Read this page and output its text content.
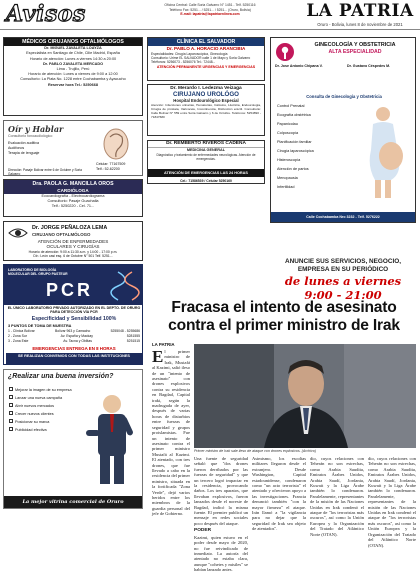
Avisos	Oficina Central: Calle Soria Galvarro N° 1451 - Telf. 5250116
Teléfono Fax: 5251... / 5251... / 5251... (Oruro, Bolivia)
E-mail: lapatria@lapatriaenlinea.com	LA PATRIA
Oruro - Bolivia, lunes 8 de noviembre de 2021
MÉDICOS CIRUJANOS OFTALMÓLOGOS
Dr. MIGUEL ZAVALETA LOAYZA
Especialista en Santiago de Chile, Cilie Madrid, España
Horario de atención: Lunes a viernes 14:30 a 20:00
Dr. PABLO ZAVALETA MERCADO
Lima - Trujillo, Perú
Horario de atención: Lunes a viernes de 9:00 a 12:00
Consultorio: La Plata No. 1228 entre Cochabamba y Ayacucho
Reservar hora Tel.: 5250668
Oír y Hablar
Consultorio fonoaudiológico
Evaluación auditiva
Audífonos
Terapia de lenguaje
Celular: 77167509
Telf.: 52-62200
Dirección: Pasaje Bolívar entre 6 de Octubre y Soria Galvarro
Dra. PAOLA G. MANCILLA OROS
CARDIÓLOGA
Ecocardiografía - Electrocardiograma
Consultorio: Pasaje Guachalla
Telf.: 5250220 - Cel. 71...
Dr. JORGE PEÑALOZA LEMA
CIRUJANO OFTALMÓLOGO
ATENCIÓN DE ENFERMEDADES
OCULARES Y CIRUGÍAS
Horario de atención: 9:00 a 11:30 a.m. y 14:00 - 17:00 p.m.
Dir.: León casi esq. 6 de Octubre N° 501 Telf. 5251...
LABORATORIO DE BIOLOGÍA MOLECULAR DEL GRUPO PASTEUR
PCR
EL ÚNICO LABORATORIO PRIVADO AUTORIZADO EN EL DEPTO. DE ORURO PARA DETECCIÓN VÍA PCR
Especificidad y Sensibilidad 100%
3 PUNTOS DE TOMA DE MUESTRA
1 - Clínica Bolívar	Bolívar 963 y Camacho	5255048 - 5255686
2 - Zona Sur	Av. España y Mackay	5281555
3 - Zona Este	Av. Tacna y Oblitas	5251515
EMERGENCIAS ENTREGA EN 8 HORAS
SE REALIZAN CONVENIOS CON TODAS LAS INSTITUCIONES
¿Realizar una buena inversión?
Mejorar la imagen de su empresa
Lanzar una nueva campaña
Abrir nuevos mercados
Crecer nuevos clientes
Posicionar su marca
Publicidad efectiva
La mejor vitrina comercial de Oruro
CLÍNICA EL SALVADOR
Dr. PABLO A. HORACIO ARANCIBIA
Especialidades: Cirugía Laparoscópica, Ginecología
Consultorio: Urime EL SALVADOR calle 1 de Mayo y Soria Galvarro
Teléfonos: 5256073 - 5256076 Tel.: 72448...
ATENCIÓN PERMANENTE URGENCIAS Y EMERGENCIAS
Dr. Merardo I. Ledezma Veizaga
CIRUJANO UROLÓGO
Hospital Endourológico Especial
Atención: Infecciones urinarias, Hematurias, Cálculos, Litotricia, Endourología, Cirugía de próstata, Varicocele, Incontinencia, Disfunción eréctil. Consultorio: Calle Bolívar N° 559 entre Soria Galvarro y 6 de Octubre. Teléfonos: 5254890 - 71847680
Dr. REMBERTO RIVEROS CADENA
MEDICINA GENERAL
Diagnóstico y tratamiento de enfermedades neurológicas. Atención de emergencias.
ATENCIÓN DE EMERGENCIAS LAS 24 HORAS
Cel.: 71586539 / Celular 5250160
GINECOLOGÍA Y OBSTETRICIA
ALTA ESPECIALIDAD
Dr. Jose Antonio Chipana V.	Dr. Gustavo Céspedes M.
Consulta de Ginecología y Obstetricia
Control Prenatal
Ecografía obstétrica
Papanicolau
Colposcopía
Planificación familiar
Cirugía laparoscópica
Histeroscopía
Atención de partos
Menopausia
Infertilidad
Calle Cochabamba Nro 3232 - Telf. 5276222
ANUNCIE SUS SERVICIOS, NEGOCIO,
EMPRESA EN SU PERIÓDICO
de lunes a viernes 9:00 - 21:00
Fracasa el intento de asesinato contra el primer ministro de Irak
LA PATRIA
El primer ministro de Irak, Mustafá al Kazimi, salió ileso de un "intento de asesinato" con drones explosivos contra su residencia en Bagdad, Capital iraki, según la madrugada de ayer, después de varias horas de disturbios entre fuerzas de seguridad y grupos proislamistas. Fue un intento de asesinato contra el primer ministro Mustafá al Kazimi. El atentado, con tres drones, que fue llevado a cabo en la residencia del primer ministro, situada en la fortificada "Zona Verde", dejó varios heridos entre los miembros de la guardia personal del jefe de Gobierno.
Primer ministro de Irak sale ileso de ataque con drones explosivos. (Archivo)
Una fuente de seguridad señaló que "dos drones fueron derribados por las fuerzas de seguridad" y que un tercero logró impactar en la residencia, provocando daños. Los tres aparatos, que llevaban explosivos, fueron lanzados desde el noreste de Bagdad, indicó la misma fuente. El premier publicó un mensaje en redes sociales poco después del ataque.
PODER
Kazimi, quien estuvo en el poder desde mayo de 2020, no fue reivindicado de inmediato. La autoría del atentado no estaba clara, aunque "cohetes y misiles" se habían lanzado antes.
Asimismo, los escoltas militares llegaron desde el extranjero. Desde Washington, Capital estadounidense, condenaron como "un acto terrorista" el atentado y ofrecieron apoyo a las investigaciones. Francia denunció también "con la mayor firmeza" el ataque. Irán llamó a "la vigilancia para no dejar que la seguridad de Irak sea objeto de atentados".
dio, cuyos relaciones con Teherán no son estrechas, como Arabia Saudita, Emiratos Árabes Unidos, Arabia Saudí, Jordania, Kuwait y la Liga Árabe también lo condenaron. Paralelamente, representantes de la misión de las Naciones Unidas en Irak condenó el ataque de "los terroristas más oscuros", así como la Unión Europea y la Organización del Tratado del Atlántico Norte (OTAN).
dio, cuyos relaciones con Teherán no son estrechas, como Arabia Saudita, Emiratos Árabes Unidos, Arabia Saudí, Jordania, Kuwait y la Liga Árabe también lo condenaron. Paralelamente, representantes de la misión de las Naciones Unidas en Irak condenó el ataque de "los terroristas más oscuros", así como la Unión Europea y la Organización del Tratado del Atlántico Norte (OTAN).
